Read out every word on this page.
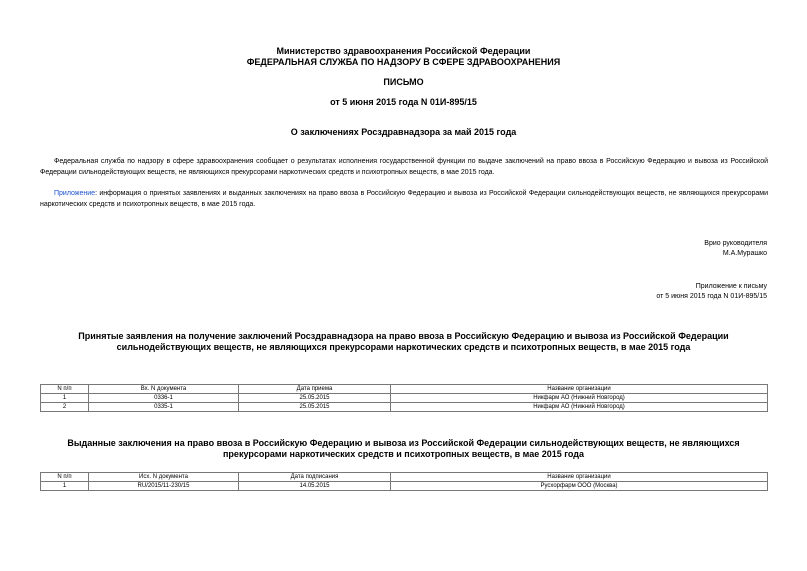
Министерство здравоохранения Российской Федерации
ФЕДЕРАЛЬНАЯ СЛУЖБА ПО НАДЗОРУ В СФЕРЕ ЗДРАВООХРАНЕНИЯ
ПИСЬМО
от 5 июня 2015 года N 01И-895/15
О заключениях Росздравнадзора за май 2015 года
Федеральная служба по надзору в сфере здравоохранения сообщает о результатах исполнения государственной функции по выдаче заключений на право ввоза в Российскую Федерацию и вывоза из Российской Федерации сильнодействующих веществ, не являющихся прекурсорами наркотических средств и психотропных веществ, в мае 2015 года.
Приложение: информация о принятых заявлениях и выданных заключениях на право ввоза в Российскую Федерацию и вывоза из Российской Федерации сильнодействующих веществ, не являющихся прекурсорами наркотических средств и психотропных веществ, в мае 2015 года.
Врио руководителя
М.А.Мурашко
Приложение к письму
от 5 июня 2015 года N 01И-895/15
Принятые заявления на получение заключений Росздравнадзора на право ввоза в Российскую Федерацию и вывоза из Российской Федерации
сильнодействующих веществ, не являющихся прекурсорами наркотических средств и психотропных веществ, в мае 2015 года
N п/п	Вх. N документа	Дата приема	Название организации
1	0336-1	25.05.2015	Никфарм АО (Нижний Новгород)
2	0335-1	25.05.2015	Никфарм АО (Нижний Новгород)
Выданные заключения на право ввоза в Российскую Федерацию и вывоза из Российской Федерации сильнодействующих веществ, не являющихся
прекурсорами наркотических средств и психотропных веществ, в мае 2015 года
N п/п	Исх. N документа	Дата подписания	Название организации
1	RU/2015/11-230/15	14.05.2015	Русхорфарм ООО (Москва)
